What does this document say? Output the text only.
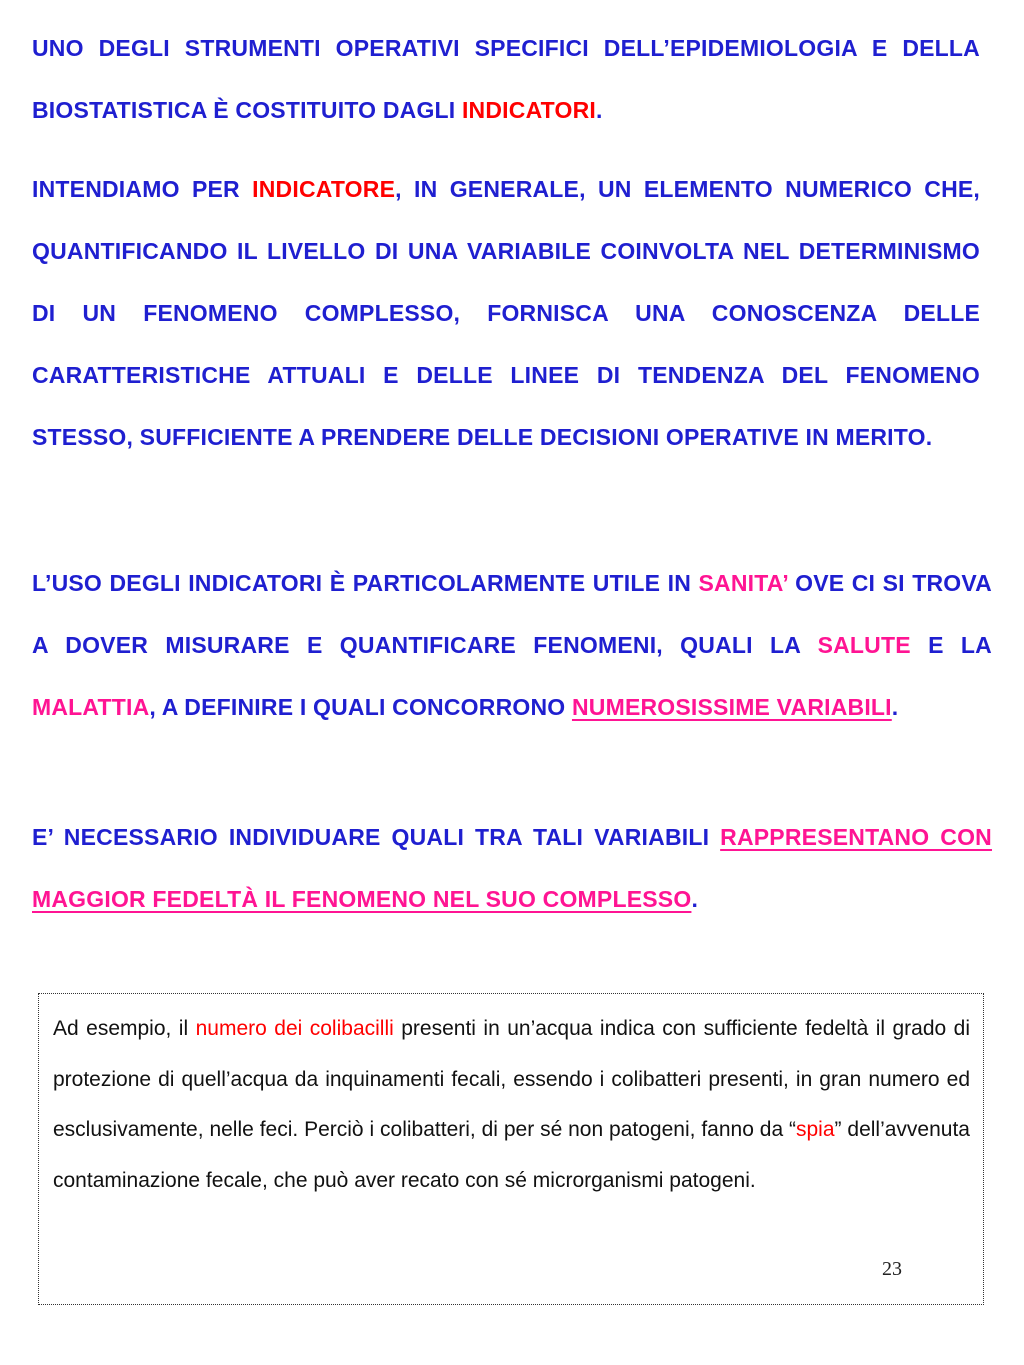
UNO DEGLI STRUMENTI OPERATIVI SPECIFICI DELL’EPIDEMIOLOGIA E DELLA BIOSTATISTICA È COSTITUITO DAGLI INDICATORI.

INTENDIAMO PER INDICATORE, IN GENERALE, UN ELEMENTO NUMERICO CHE, QUANTIFICANDO IL LIVELLO DI UNA VARIABILE COINVOLTA NEL DETERMINISMO DI UN FENOMENO COMPLESSO, FORNISCA UNA CONOSCENZA DELLE CARATTERISTICHE ATTUALI E DELLE LINEE DI TENDENZA DEL FENOMENO STESSO, SUFFICIENTE A PRENDERE DELLE DECISIONI OPERATIVE IN MERITO.

L’USO DEGLI INDICATORI È PARTICOLARMENTE UTILE IN SANITA’ OVE CI SI TROVA A DOVER MISURARE E QUANTIFICARE FENOMENI, QUALI LA SALUTE E LA MALATTIA, A DEFINIRE I QUALI CONCORRONO NUMEROSISSIME VARIABILI.

E’ NECESSARIO INDIVIDUARE QUALI TRA TALI VARIABILI RAPPRESENTANO CON MAGGIOR FEDELTÀ IL FENOMENO NEL SUO COMPLESSO.

Ad esempio, il numero dei colibacilli presenti in un’acqua indica con sufficiente fedeltà il grado di protezione di quell’acqua da inquinamenti fecali, essendo i colibatteri presenti, in gran numero ed esclusivamente, nelle feci. Perciò i colibatteri, di per sé non patogeni, fanno da “spia” dell’avvenuta contaminazione fecale, che può aver recato con sé microrganismi patogeni.

23
